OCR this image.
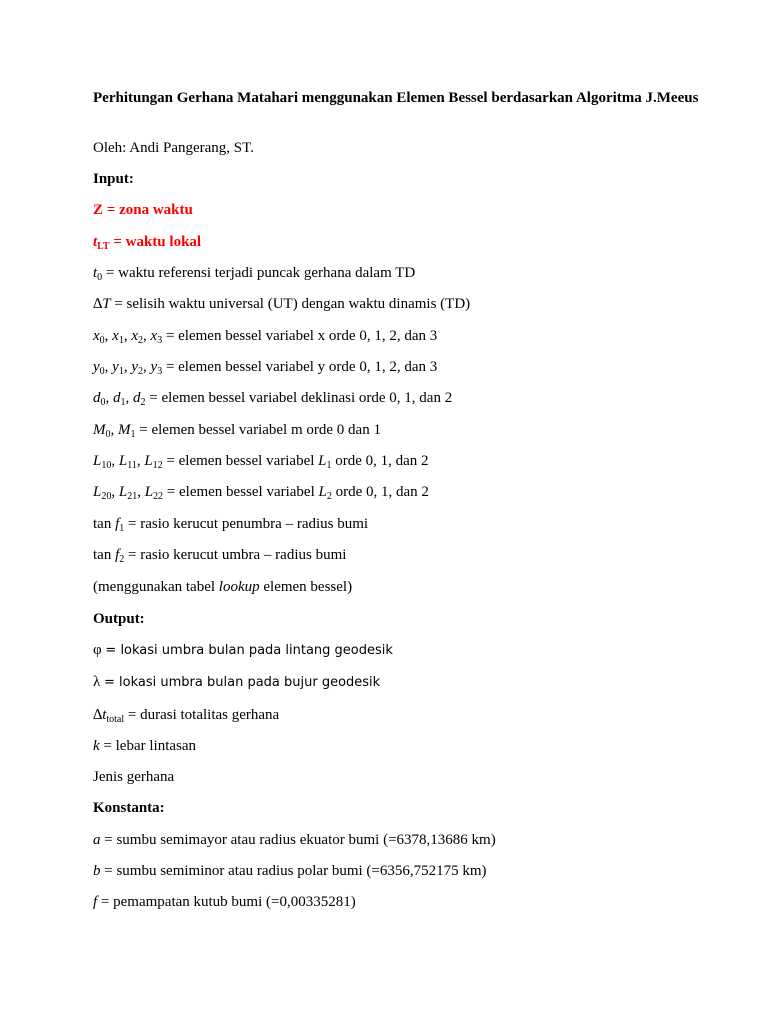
Perhitungan Gerhana Matahari menggunakan Elemen Bessel berdasarkan Algoritma J.Meeus
Oleh: Andi Pangerang, ST.
Input:
Z = zona waktu
$t_{LT}$ = waktu lokal
$t_0$ = waktu referensi terjadi puncak gerhana dalam TD
∆T = selisih waktu universal (UT) dengan waktu dinamis (TD)
$x_0$, $x_1$, $x_2$, $x_3$ = elemen bessel variabel x orde 0, 1, 2, dan 3
$y_0$, $y_1$, $y_2$, $y_3$ = elemen bessel variabel y orde 0, 1, 2, dan 3
$d_0$, $d_1$, $d_2$ = elemen bessel variabel deklinasi orde 0, 1, dan 2
$M_0$, $M_1$ = elemen bessel variabel m orde 0 dan 1
$L_{10}$, $L_{11}$, $L_{12}$ = elemen bessel variabel $L_1$ orde 0, 1, dan 2
$L_{20}$, $L_{21}$, $L_{22}$ = elemen bessel variabel $L_2$ orde 0, 1, dan 2
$\tan f_1$ = rasio kerucut penumbra – radius bumi
$\tan f_2$ = rasio kerucut umbra – radius bumi
(menggunakan tabel lookup elemen bessel)
Output:
φ = lokasi umbra bulan pada lintang geodesik
λ = lokasi umbra bulan pada bujur geodesik
$\Delta t_{total}$ = durasi totalitas gerhana
k = lebar lintasan
Jenis gerhana
Konstanta:
a = sumbu semimayor atau radius ekuator bumi (=6378,13686 km)
b = sumbu semiminor atau radius polar bumi (=6356,752175 km)
f = pemampatan kutub bumi (=0,00335281)
